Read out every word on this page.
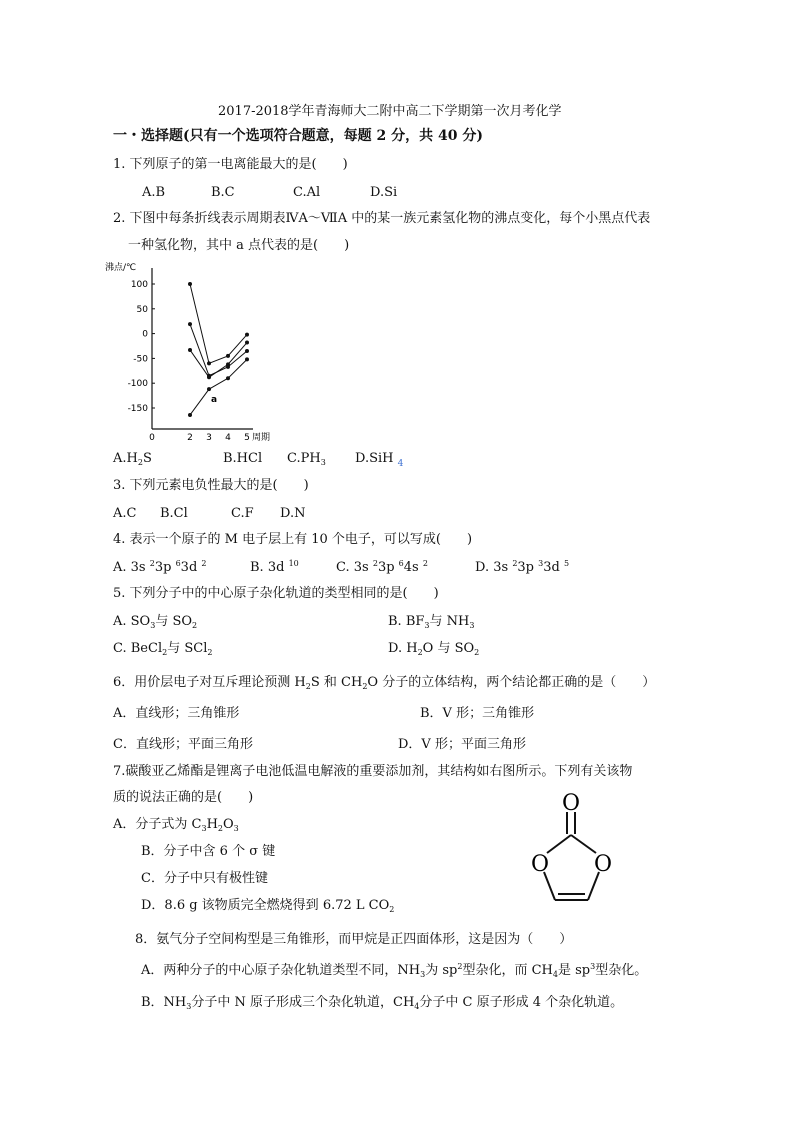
2017-2018学年青海师大二附中高二下学期第一次月考化学
一・选择题(只有一个选项符合题意，每题 2 分，共 40 分)
1. 下列原子的第一电离能最大的是(　　)
A.B	B.C	C.Al	D.Si
2. 下图中每条折线表示周期表ⅣA～ⅦA 中的某一族元素氢化物的沸点变化，每个小黑点代表
一种氢化物，其中 a 点代表的是(　　)
沸点/℃
100
50
0
-50
-100
-150
0	2 3 4 5 周期
a
$A.H_2S$	B.HCl $C.PH_3$ D.SiH $_4$
3. 下列元素电负性最大的是(　　)
A.C B.Cl	C.F D.N
4. 表示一个原子的 M 电子层上有 10 个电子，可以写成(　　)
A. 3s $^2$3p $^6$3d $^2$	B. 3d $^{10}$	C. 3s $^2$3p $^6$4s $^2$	D. 3s $^2$3p $^3$3d $^5$
5. 下列分子中的中心原子杂化轨道的类型相同的是(　　)
A. $SO_3$与 $SO_2$	B. $BF_3$与 $NH_3$
C. BeCl$_2$与 SCl$_2$	D. $H_2O$ 与 $SO_2$
6．用价层电子对互斥理论预测 $H_2S$ 和 $CH_2O$ 分子的立体结构，两个结论都正确的是（　　）
A．直线形；三角锥形	B．V 形；三角锥形
C．直线形；平面三角形	D．V 形；平面三角形
7.碳酸亚乙烯酯是锂离子电池低温电解液的重要添加剂，其结构如右图所示。下列有关该物
质的说法正确的是(　　)
A．分子式为 $C_3H_2O_3$
B．分子中含 6 个 σ 键
C．分子中只有极性键
D．8.6 g 该物质完全燃烧得到 6.72 L $CO_2$
O
O O
8．氨气分子空间构型是三角锥形，而甲烷是正四面体形，这是因为（　　）
A．两种分子的中心原子杂化轨道类型不同，$NH_3$为 $sp^2$型杂化，而 $CH_4$是 $sp^3$型杂化。
B．$NH_3$分子中 N 原子形成三个杂化轨道，$CH_4$分子中 C 原子形成 4 个杂化轨道。
